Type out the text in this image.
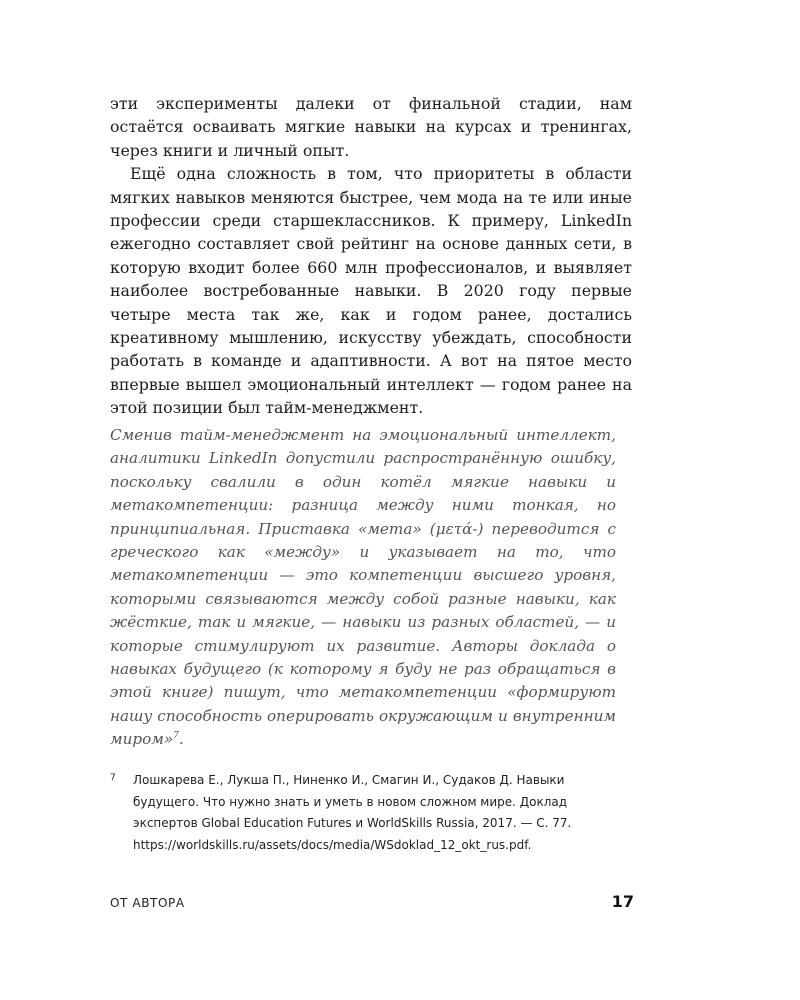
эти эксперименты далеки от финальной стадии, нам остаётся осваивать мягкие навыки на курсах и тренингах, через книги и личный опыт.

Ещё одна сложность в том, что приоритеты в области мягких навыков меняются быстрее, чем мода на те или иные профессии среди старшеклассников. К примеру, LinkedIn ежегодно составляет свой рейтинг на основе данных сети, в которую входит более 660 млн профессионалов, и выявляет наиболее востребованные навыки. В 2020 году первые четыре места так же, как и годом ранее, достались креативному мышлению, искусству убеждать, способности работать в команде и адаптивности. А вот на пятое место впервые вышел эмоциональный интеллект — годом ранее на этой позиции был тайм-менеджмент.

Сменив тайм-менеджмент на эмоциональный интеллект, аналитики LinkedIn допустили распространённую ошибку, поскольку свалили в один котёл мягкие навыки и метакомпетенции: разница между ними тонкая, но принципиальная. Приставка «мета» (μετά-) переводится с греческого как «между» и указывает на то, что метакомпетенции — это компетенции высшего уровня, которыми связываются между собой разные навыки, как жёсткие, так и мягкие, — навыки из разных областей, — и которые стимулируют их развитие. Авторы доклада о навыках будущего (к которому я буду не раз обращаться в этой книге) пишут, что метакомпетенции «формируют нашу способность оперировать окружающим и внутренним миром»$^7$.

7 Лошкарева Е., Лукша П., Нинeнко И., Смагин И., Судаков Д. Навыки будущего. Что нужно знать и уметь в новом сложном мире. Доклад экспертов Global Education Futures и WorldSkills Russia, 2017. — С. 77. https://worldskills.ru/assets/docs/media/WSdoklad_12_okt_rus.pdf.
ОТ АВТОРА	17
